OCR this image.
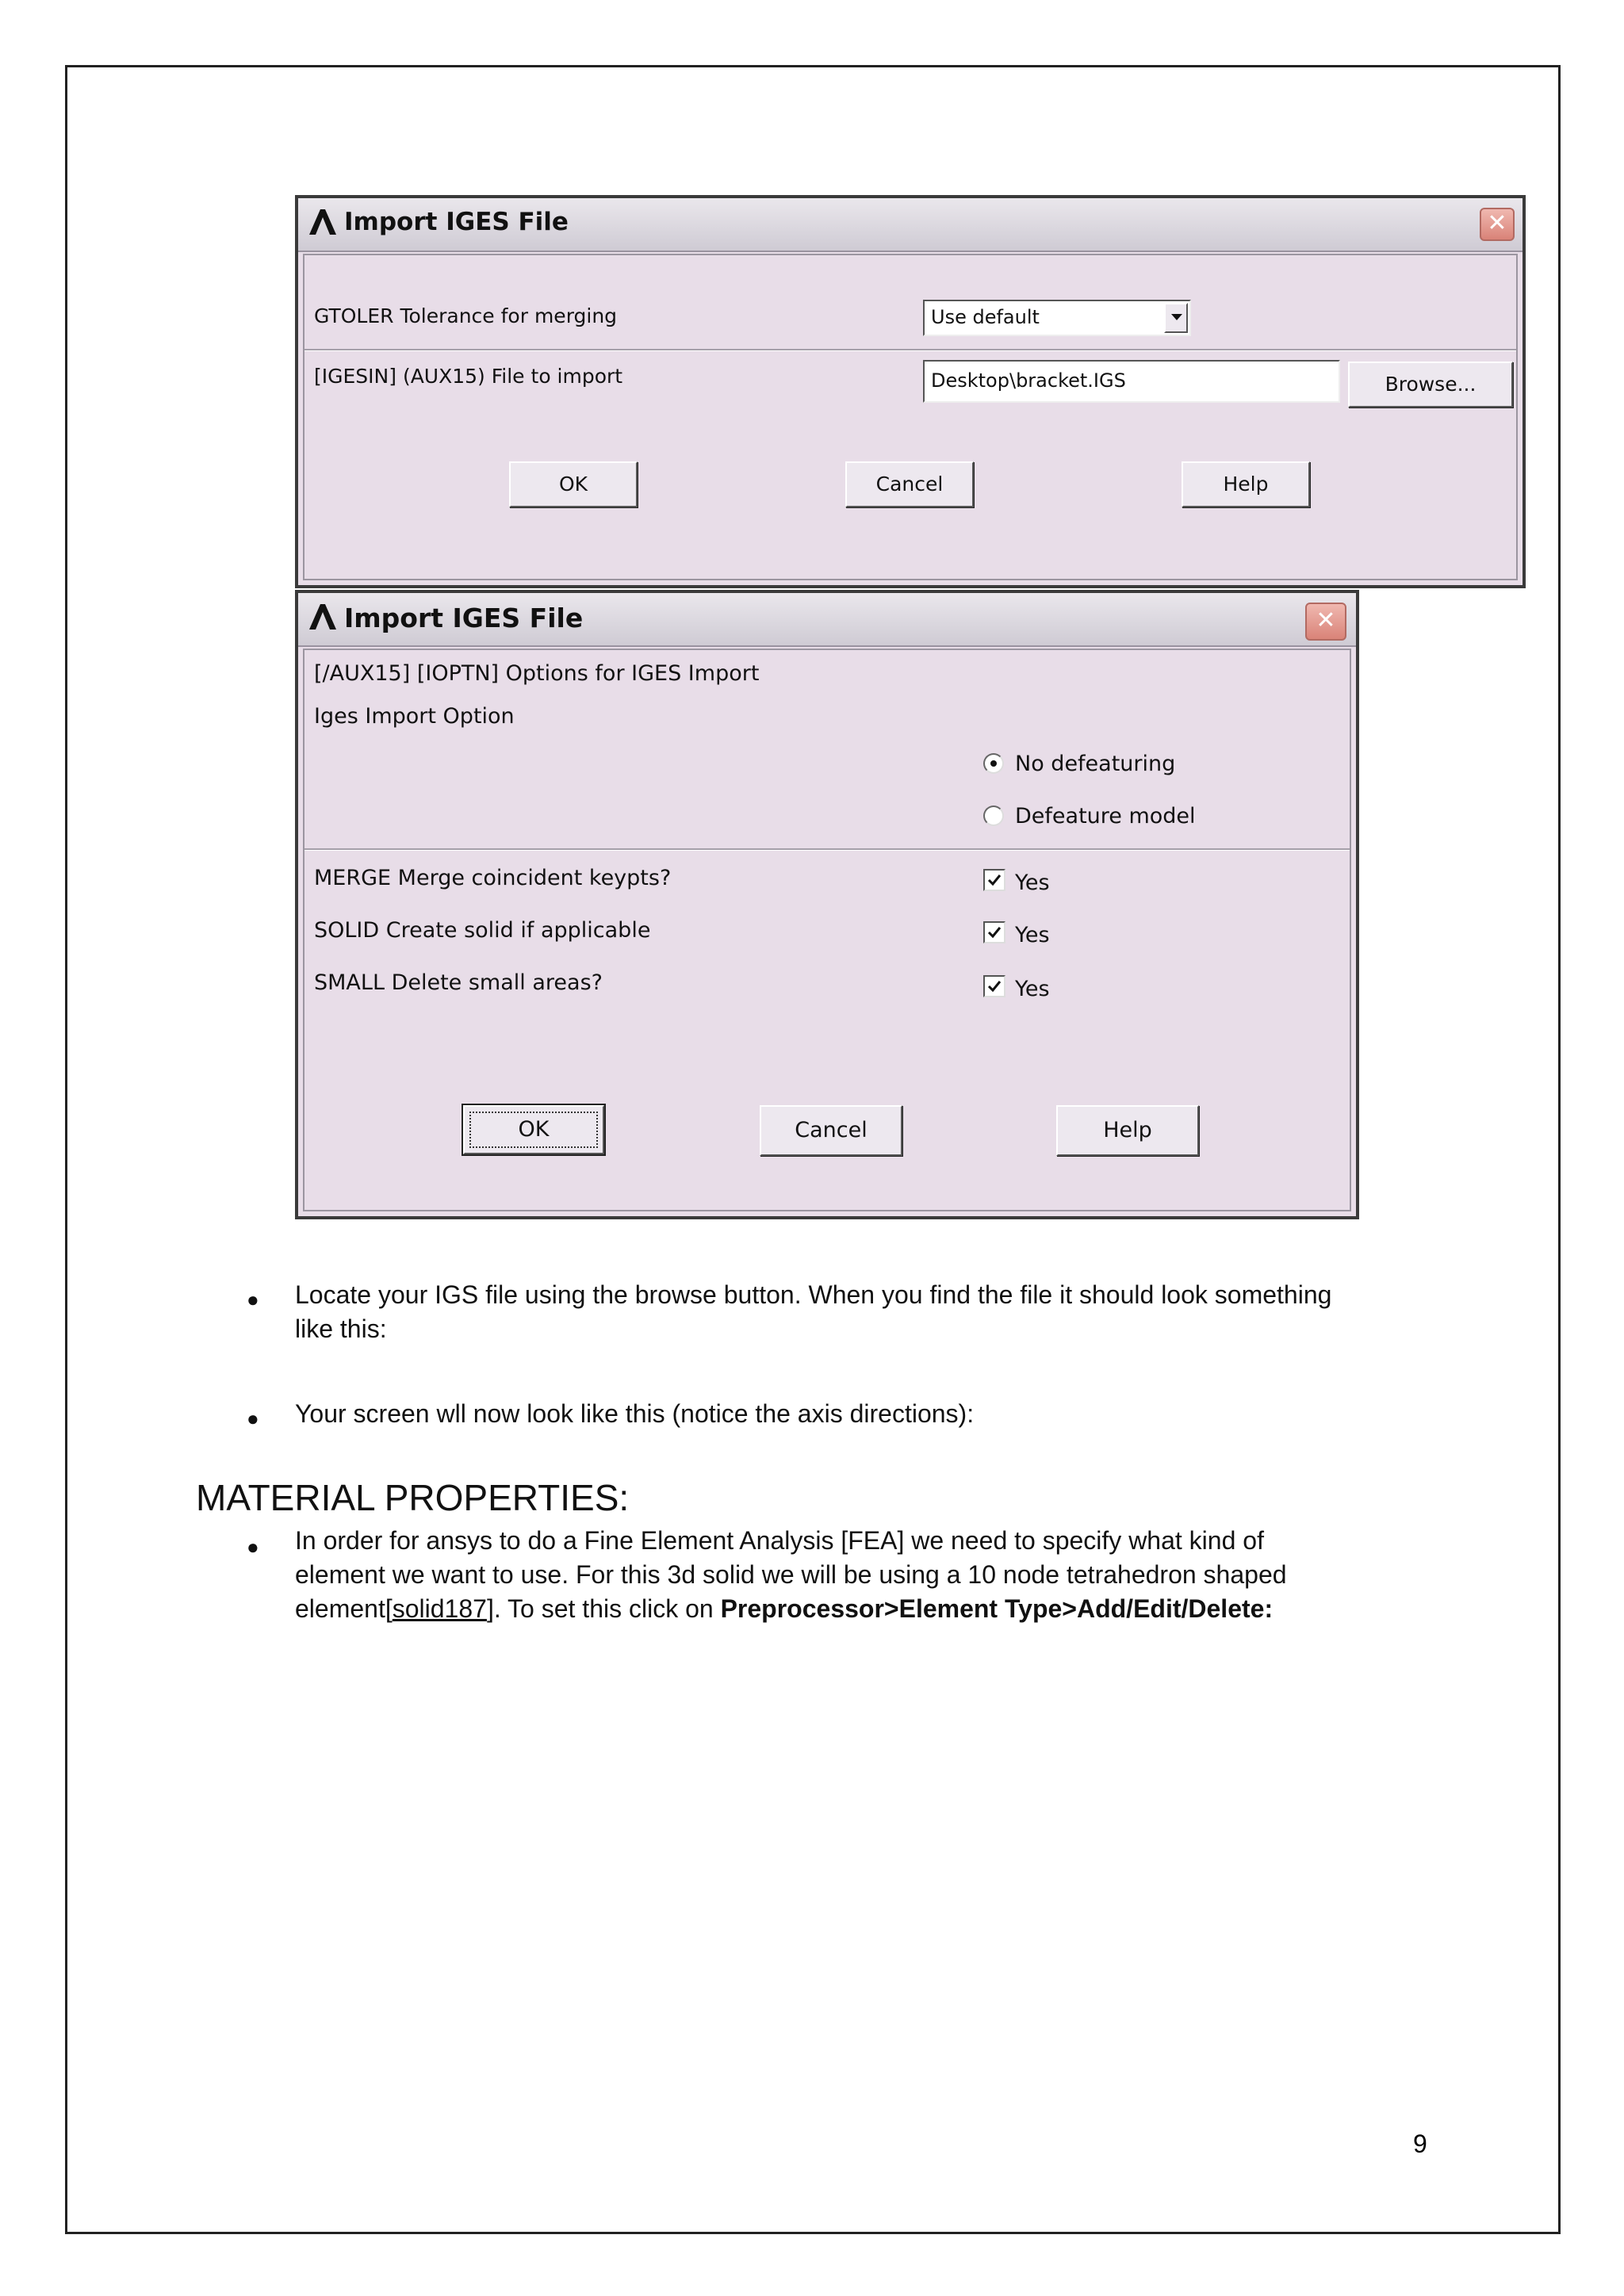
Import IGES File	✕
GTOLER Tolerance for merging	Use default
[IGESIN] (AUX15) File to import	Desktop\bracket.IGS	Browse...
OK	Cancel	Help
Import IGES File	✕
[/AUX15] [IOPTN] Options for IGES Import
Iges Import Option
No defeaturing
Defeature model
MERGE Merge coincident keypts?	Yes
SOLID Create solid if applicable	Yes
SMALL Delete small areas?	Yes
OK	Cancel	Help
● Locate your IGS file using the browse button. When you find the file it should look something
like this:
● Your screen wll now look like this (notice the axis directions):
MATERIAL PROPERTIES:
● In order for ansys to do a Fine Element Analysis [FEA] we need to specify what kind of
element we want to use. For this 3d solid we will be using a 10 node tetrahedron shaped
element[solid187]. To set this click on Preprocessor>Element Type>Add/Edit/Delete:
9
